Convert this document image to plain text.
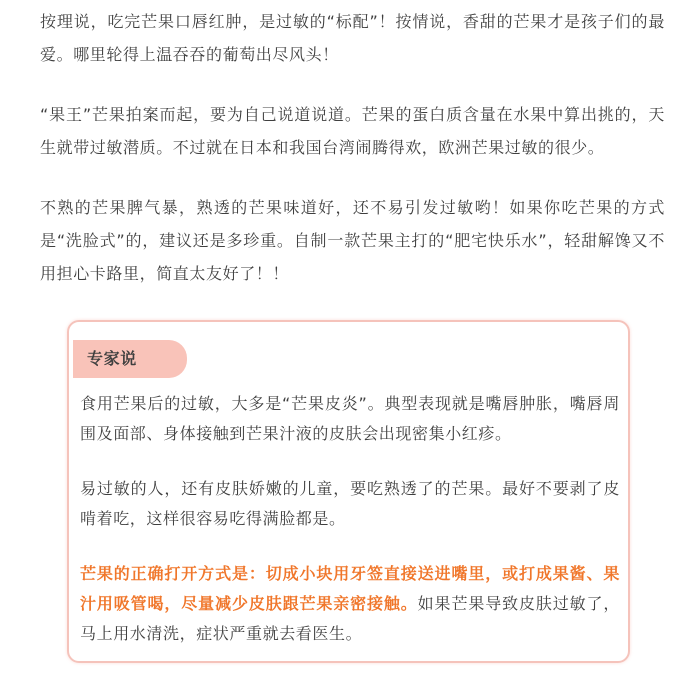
按理说，吃完芒果口唇红肿，是过敏的“标配”！按情说，香甜的芒果才是孩子们的最爱。哪里轮得上温吞吞的葡萄出尽风头！

“果王”芒果拍案而起，要为自己说道说道。芒果的蛋白质含量在水果中算出挑的，天生就带过敏潜质。不过就在日本和我国台湾闹腾得欢，欧洲芒果过敏的很少。

不熟的芒果脾气暴，熟透的芒果味道好，还不易引发过敏哟！如果你吃芒果的方式是“洗脸式”的，建议还是多珍重。自制一款芒果主打的“肥宅快乐水”，轻甜解馋又不用担心卡路里，简直太友好了！！

专家说

食用芒果后的过敏，大多是“芒果皮炎”。典型表现就是嘴唇肿胀，嘴唇周围及面部、身体接触到芒果汁液的皮肤会出现密集小红疹。

易过敏的人，还有皮肤娇嫩的儿童，要吃熟透了的芒果。最好不要剥了皮啃着吃，这样很容易吃得满脸都是。

芒果的正确打开方式是：切成小块用牙签直接送进嘴里，或打成果酱、果汁用吸管喝，尽量减少皮肤跟芒果亲密接触。如果芒果导致皮肤过敏了，马上用水清洗，症状严重就去看医生。
